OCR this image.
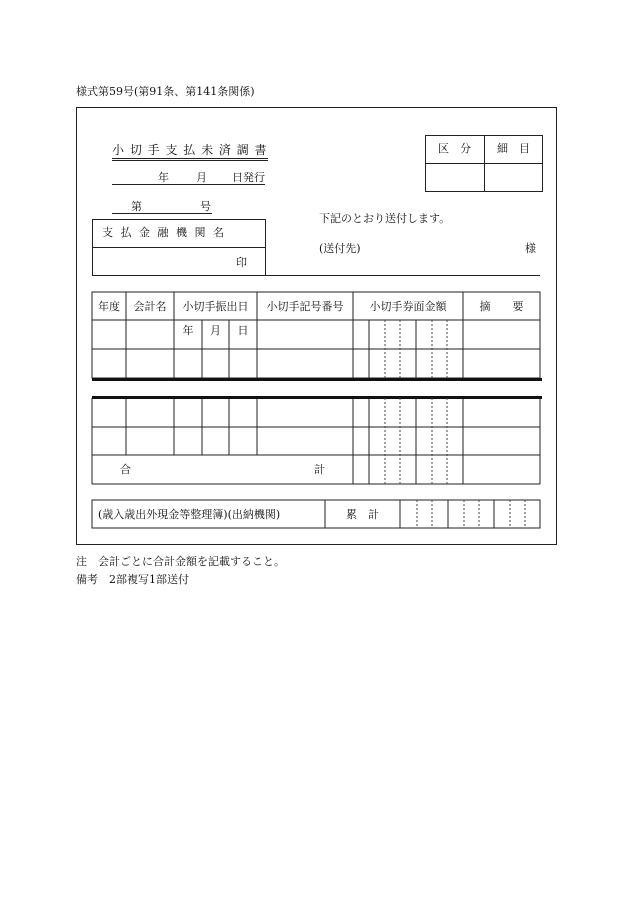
様式第59号(第91条、第141条関係)
小 切 手 支 払 未 済 調 書
年 月 日発行
第	号
区　分	細　目
支 払 金 融 機 関 名
印
下記のとおり送付します。
(送付先)	様
年度	会計名	小切手振出日	小切手記号番号	小切手券面金額	摘　　要
年	月	日
合	計
(歳入歳出外現金等整理簿)(出納機関)	累　計
注　会計ごとに合計金額を記載すること。
備考　2部複写1部送付
